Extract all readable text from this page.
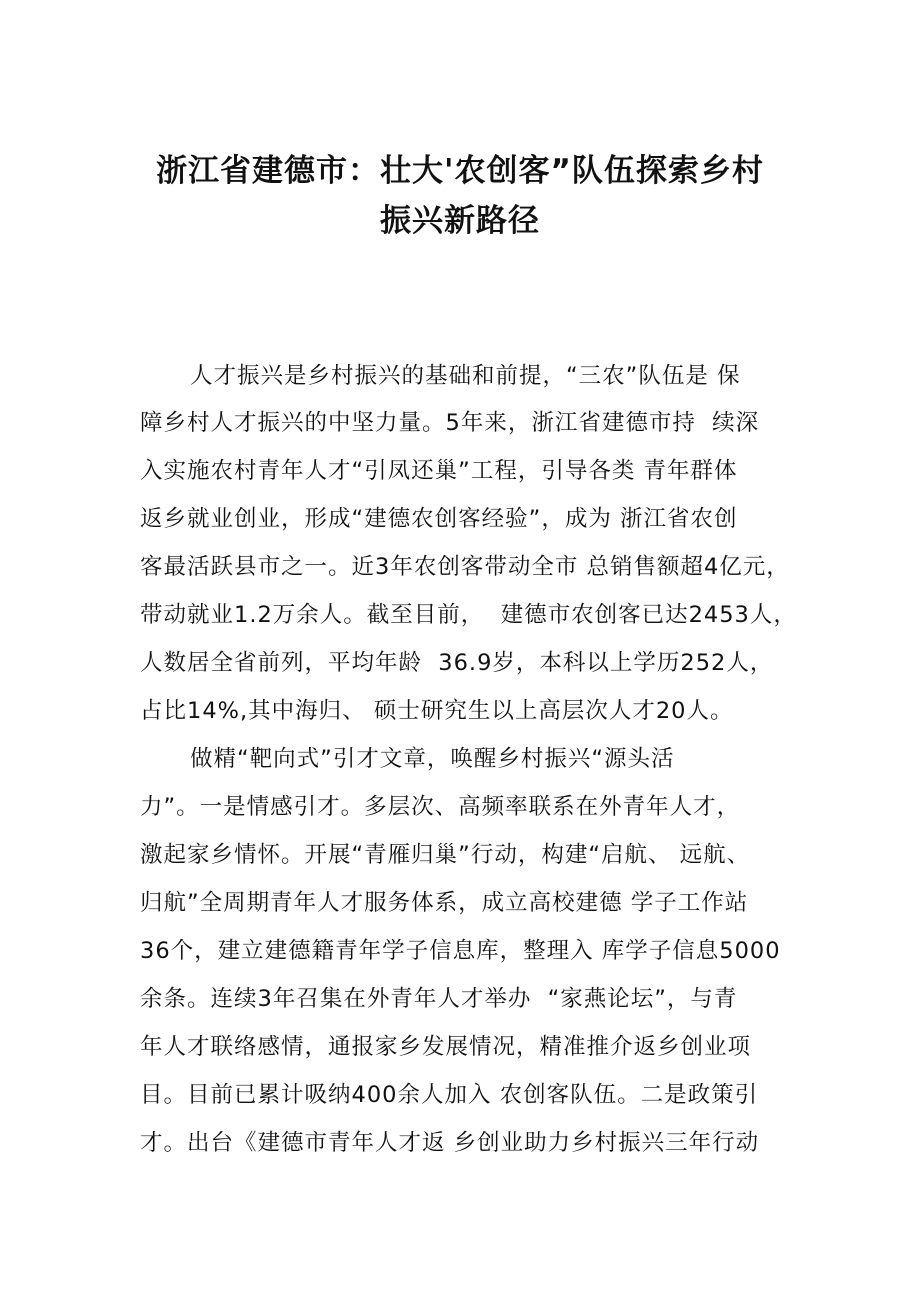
浙江省建德市：壮大'农创客”队伍探索乡村
振兴新路径
人才振兴是乡村振兴的基础和前提，“三农”队伍是 保
障乡村人才振兴的中坚力量。5年来，浙江省建德市持  续深
入实施农村青年人才“引凤还巢”工程，引导各类 青年群体
返乡就业创业，形成“建德农创客经验”，成为 浙江省农创
客最活跃县市之一。近3年农创客带动全市 总销售额超4亿元，
带动就业1.2万余人。截至目前，  建德市农创客已达2453人，
人数居全省前列，平均年龄  36.9岁，本科以上学历252人，
占比14%,其中海归、 硕士研究生以上高层次人才20人。
做精“靶向式”引才文章，唤醒乡村振兴“源头活
力”。一是情感引才。多层次、高频率联系在外青年人才，
激起家乡情怀。开展“青雁归巢”行动，构建“启航、 远航、
归航”全周期青年人才服务体系，成立高校建德 学子工作站
36个，建立建德籍青年学子信息库，整理入 库学子信息5000
余条。连续3年召集在外青年人才举办  “家燕论坛”，与青
年人才联络感情，通报家乡发展情况，精准推介返乡创业项
目。目前已累计吸纳400余人加入 农创客队伍。二是政策引
才。出台《建德市青年人才返 乡创业助力乡村振兴三年行动
